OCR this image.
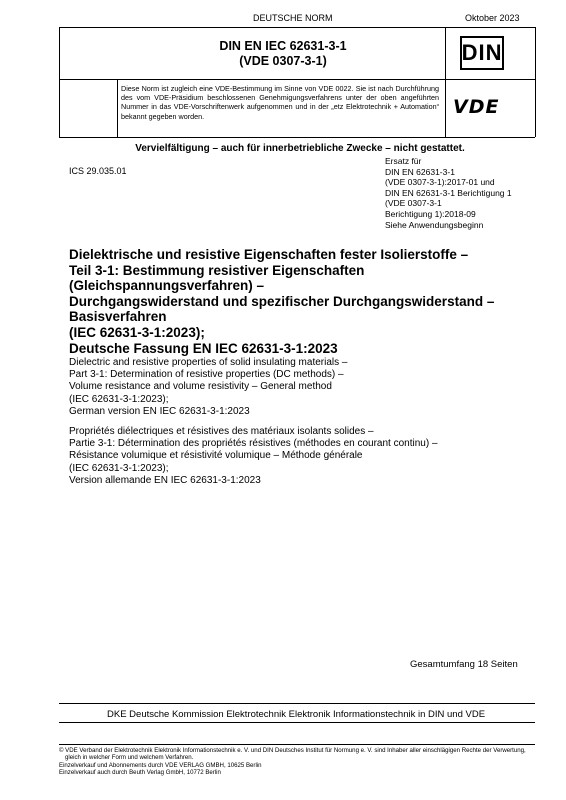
DEUTSCHE NORM	Oktober 2023
DIN EN IEC 62631-3-1
(VDE 0307-3-1)	DIN
Diese Norm ist zugleich eine VDE-Bestimmung im Sinne von VDE 0022. Sie ist nach Durchführung des vom VDE-Präsidium beschlossenen Genehmigungsverfahrens unter der oben angeführten Nummer in das VDE-Vorschriftenwerk aufgenommen und in der „etz Elektrotechnik + Automation“ bekannt gegeben worden.	VDE
Vervielfältigung – auch für innerbetriebliche Zwecke – nicht gestattet.
ICS 29.035.01
Ersatz für
DIN EN 62631-3-1
(VDE 0307-3-1):2017-01 und
DIN EN 62631-3-1 Berichtigung 1
(VDE 0307-3-1
Berichtigung 1):2018-09
Siehe Anwendungsbeginn
Dielektrische und resistive Eigenschaften fester Isolierstoffe –
Teil 3-1: Bestimmung resistiver Eigenschaften
(Gleichspannungsverfahren) –
Durchgangswiderstand und spezifischer Durchgangswiderstand –
Basisverfahren
(IEC 62631-3-1:2023);
Deutsche Fassung EN IEC 62631-3-1:2023
Dielectric and resistive properties of solid insulating materials –
Part 3-1: Determination of resistive properties (DC methods) –
Volume resistance and volume resistivity – General method
(IEC 62631-3-1:2023);
German version EN IEC 62631-3-1:2023
Propriétés diélectriques et résistives des matériaux isolants solides –
Partie 3-1: Détermination des propriétés résistives (méthodes en courant continu) –
Résistance volumique et résistivité volumique – Méthode générale
(IEC 62631-3-1:2023);
Version allemande EN IEC 62631-3-1:2023
Gesamtumfang 18 Seiten
DKE Deutsche Kommission Elektrotechnik Elektronik Informationstechnik in DIN und VDE
© VDE Verband der Elektrotechnik Elektronik Informationstechnik e. V. und DIN Deutsches Institut für Normung e. V. sind Inhaber aller einschlägigen Rechte der Verwertung,
gleich in welcher Form und welchem Verfahren.
Einzelverkauf und Abonnements durch VDE VERLAG GMBH, 10625 Berlin
Einzelverkauf auch durch Beuth Verlag GmbH, 10772 Berlin
